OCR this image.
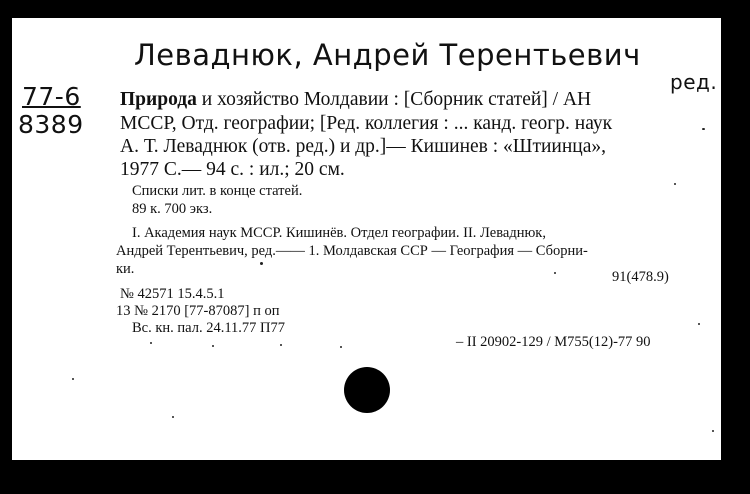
Леваднюк, Андрей Терентьевич
ред.
77-6
8389
Природа и хозяйство Молдавии : [Сборник статей] / АН
МССР, Отд. географии; [Ред. коллегия : ... канд. геогр. наук
А. Т. Леваднюк (отв. ред.) и др.]— Кишинев : «Штиинца»,
1977 С.— 94 с. : ил.; 20 см.
Списки лит. в конце статей.
89 к. 700 экз.
I. Академия наук МССР. Кишинёв. Отдел географии. II. Леваднюк,
Андрей Терентьевич, ред.—— 1. Молдавская ССР — География — Сборни-
ки.	91(478.9)
№ 42571 15.4.5.1
13 № 2170 [77-87087] п оп
Вс. кн. пал. 24.11.77 П77
– II 20902-129 / М755(12)-77 90
